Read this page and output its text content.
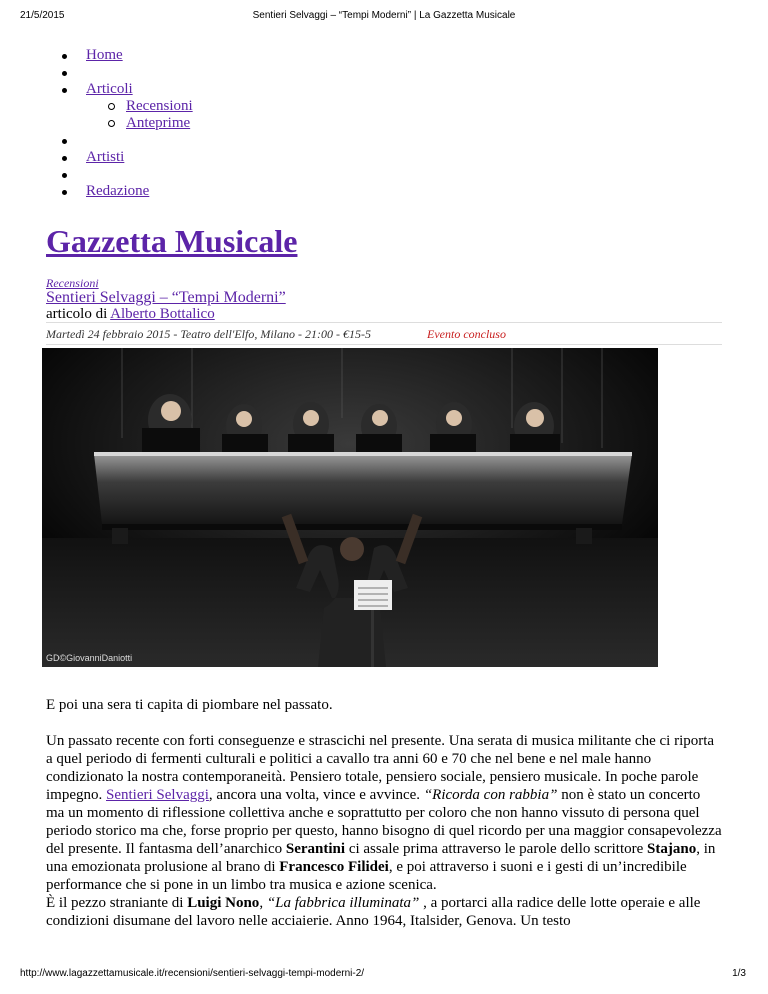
21/5/2015	Sentieri Selvaggi – “Tempi Moderni” | La Gazzetta Musicale
Home
Articoli
Recensioni
Anteprime
Artisti
Redazione
Gazzetta Musicale
Recensioni
Sentieri Selvaggi – “Tempi Moderni”
articolo di Alberto Bottalico
Martedì 24 febbraio 2015 - Teatro dell'Elfo, Milano - 21:00 - €15-5	Evento concluso
GD©GiovanniDaniotti

E poi una sera ti capita di piombare nel passato.

Un passato recente con forti conseguenze e strascichi nel presente. Una serata di musica militante che ci riporta a quel periodo di fermenti culturali e politici a cavallo tra anni 60 e 70 che nel bene e nel male hanno condizionato la nostra contemporaneità. Pensiero totale, pensiero sociale, pensiero musicale. In poche parole impegno. Sentieri Selvaggi, ancora una volta, vince e avvince. “Ricorda con rabbia” non è stato un concerto ma un momento di riflessione collettiva anche e soprattutto per coloro che non hanno vissuto di persona quel periodo storico ma che, forse proprio per questo, hanno bisogno di quel ricordo per una maggior consapevolezza del presente. Il fantasma dell’anarchico Serantini ci assale prima attraverso le parole dello scrittore Stajano, in una emozionata prolusione al brano di Francesco Filidei, e poi attraverso i suoni e i gesti di un’incredibile performance che si pone in un limbo tra musica e azione scenica.

È il pezzo straniante di Luigi Nono, “La fabbrica illuminata” , a portarci alla radice delle lotte operaie e alle condizioni disumane del lavoro nelle acciaierie. Anno 1964, Italsider, Genova. Un testo

http://www.lagazzettamusicale.it/recensioni/sentieri-selvaggi-tempi-moderni-2/	1/3
